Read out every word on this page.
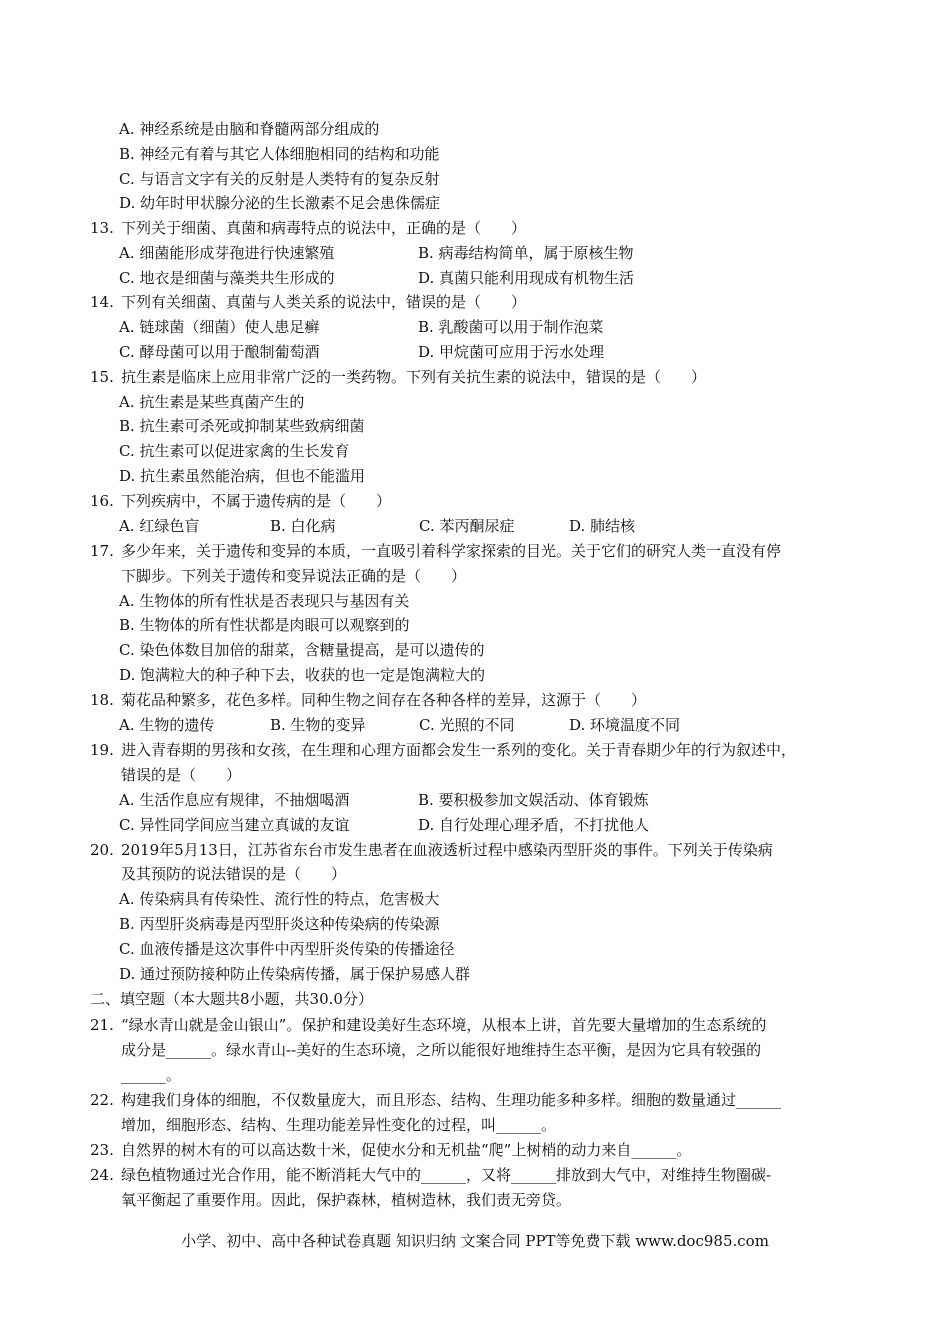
A. 神经系统是由脑和脊髓两部分组成的
B. 神经元有着与其它人体细胞相同的结构和功能
C. 与语言文字有关的反射是人类特有的复杂反射
D. 幼年时甲状腺分泌的生长激素不足会患侏儒症
13. 下列关于细菌、真菌和病毒特点的说法中，正确的是（　　）
A. 细菌能形成芽孢进行快速繁殖	B. 病毒结构简单，属于原核生物
C. 地衣是细菌与藻类共生形成的	D. 真菌只能利用现成有机物生活
14. 下列有关细菌、真菌与人类关系的说法中，错误的是（　　）
A. 链球菌（细菌）使人患足癣	B. 乳酸菌可以用于制作泡菜
C. 酵母菌可以用于酿制葡萄酒	D. 甲烷菌可应用于污水处理
15. 抗生素是临床上应用非常广泛的一类药物。下列有关抗生素的说法中，错误的是（　　）
A. 抗生素是某些真菌产生的
B. 抗生素可杀死或抑制某些致病细菌
C. 抗生素可以促进家禽的生长发育
D. 抗生素虽然能治病，但也不能滥用
16. 下列疾病中，不属于遗传病的是（　　）
A. 红绿色盲	B. 白化病	C. 苯丙酮尿症	D. 肺结核
17. 多少年来，关于遗传和变异的本质，一直吸引着科学家探索的目光。关于它们的研究人类一直没有停
下脚步。下列关于遗传和变异说法正确的是（　　）
A. 生物体的所有性状是否表现只与基因有关
B. 生物体的所有性状都是肉眼可以观察到的
C. 染色体数目加倍的甜菜，含糖量提高，是可以遗传的
D. 饱满粒大的种子种下去，收获的也一定是饱满粒大的
18. 菊花品种繁多，花色多样。同种生物之间存在各种各样的差异，这源于（　　）
A. 生物的遗传	B. 生物的变异	C. 光照的不同	D. 环境温度不同
19. 进入青春期的男孩和女孩，在生理和心理方面都会发生一系列的变化。关于青春期少年的行为叙述中，
错误的是（　　）
A. 生活作息应有规律，不抽烟喝酒	B. 要积极参加文娱活动、体育锻炼
C. 异性同学间应当建立真诚的友谊	D. 自行处理心理矛盾，不打扰他人
20. 2019年5月13日，江苏省东台市发生患者在血液透析过程中感染丙型肝炎的事件。下列关于传染病
及其预防的说法错误的是（　　）
A. 传染病具有传染性、流行性的特点，危害极大
B. 丙型肝炎病毒是丙型肝炎这种传染病的传染源
C. 血液传播是这次事件中丙型肝炎传染的传播途径
D. 通过预防接种防止传染病传播，属于保护易感人群
二、填空题（本大题共8小题，共30.0分）
21. “绿水青山就是金山银山”。保护和建设美好生态环境，从根本上讲，首先要大量增加的生态系统的
成分是______。绿水青山--美好的生态环境，之所以能很好地维持生态平衡，是因为它具有较强的
______。
22. 构建我们身体的细胞，不仅数量庞大，而且形态、结构、生理功能多种多样。细胞的数量通过______
增加，细胞形态、结构、生理功能差异性变化的过程，叫______。
23. 自然界的树木有的可以高达数十米，促使水分和无机盐“爬”上树梢的动力来自______。
24. 绿色植物通过光合作用，能不断消耗大气中的______，又将______排放到大气中，对维持生物圈碳-
氧平衡起了重要作用。因此，保护森林，植树造林，我们责无旁贷。
小学、初中、高中各种试卷真题 知识归纳 文案合同 PPT等免费下载 www.doc985.com
